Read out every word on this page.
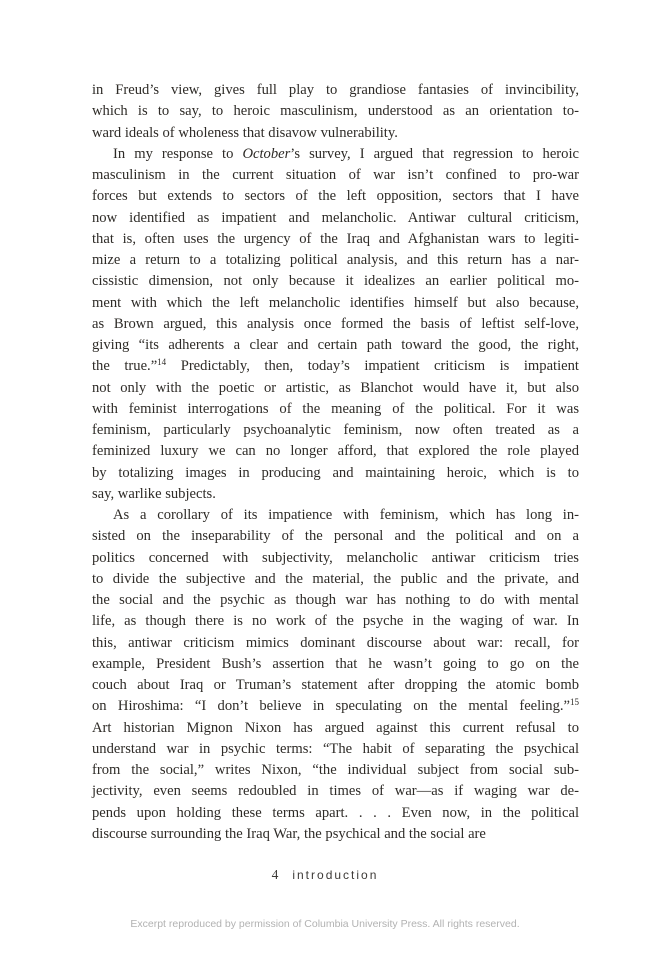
in Freud’s view, gives full play to grandiose fantasies of invincibility,
which is to say, to heroic masculinism, understood as an orientation to-
ward ideals of wholeness that disavow vulnerability.
In my response to October’s survey, I argued that regression to heroic
masculinism in the current situation of war isn’t confined to pro-war
forces but extends to sectors of the left opposition, sectors that I have
now identified as impatient and melancholic. Antiwar cultural criticism,
that is, often uses the urgency of the Iraq and Afghanistan wars to legiti-
mize a return to a totalizing political analysis, and this return has a nar-
cissistic dimension, not only because it idealizes an earlier political mo-
ment with which the left melancholic identifies himself but also because,
as Brown argued, this analysis once formed the basis of leftist self-love,
giving “its adherents a clear and certain path toward the good, the right,
the true.”$^{14}$ Predictably, then, today’s impatient criticism is impatient
not only with the poetic or artistic, as Blanchot would have it, but also
with feminist interrogations of the meaning of the political. For it was
feminism, particularly psychoanalytic feminism, now often treated as a
feminized luxury we can no longer afford, that explored the role played
by totalizing images in producing and maintaining heroic, which is to
say, warlike subjects.
As a corollary of its impatience with feminism, which has long in-
sisted on the inseparability of the personal and the political and on a
politics concerned with subjectivity, melancholic antiwar criticism tries
to divide the subjective and the material, the public and the private, and
the social and the psychic as though war has nothing to do with mental
life, as though there is no work of the psyche in the waging of war. In
this, antiwar criticism mimics dominant discourse about war: recall, for
example, President Bush’s assertion that he wasn’t going to go on the
couch about Iraq or Truman’s statement after dropping the atomic bomb
on Hiroshima: “I don’t believe in speculating on the mental feeling.”$^{15}$
Art historian Mignon Nixon has argued against this current refusal to
understand war in psychic terms: “The habit of separating the psychical
from the social,” writes Nixon, “the individual subject from social sub-
jectivity, even seems redoubled in times of war—as if waging war de-
pends upon holding these terms apart. . . . Even now, in the political
discourse surrounding the Iraq War, the psychical and the social are
4 introduction
Excerpt reproduced by permission of Columbia University Press. All rights reserved.
